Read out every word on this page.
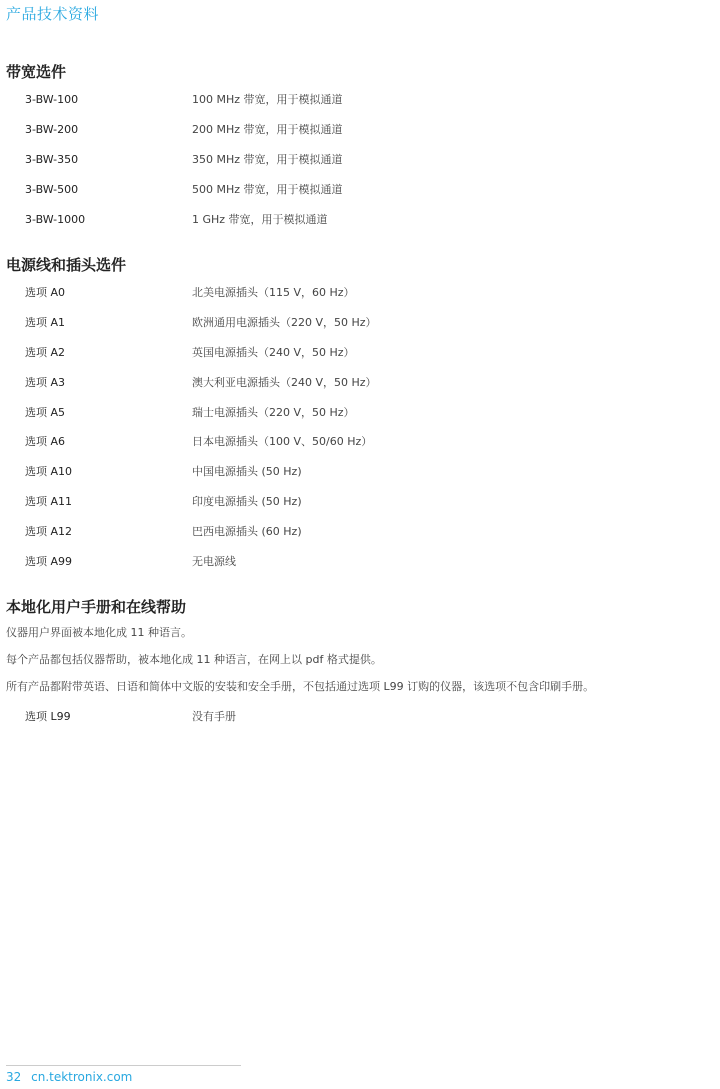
产品技术资料
带宽选件
3-BW-100	100 MHz 带宽，用于模拟通道
3-BW-200	200 MHz 带宽，用于模拟通道
3-BW-350	350 MHz 带宽，用于模拟通道
3-BW-500	500 MHz 带宽，用于模拟通道
3-BW-1000	1 GHz 带宽，用于模拟通道
电源线和插头选件
选项 A0	北美电源插头（115 V，60 Hz）
选项 A1	欧洲通用电源插头（220 V，50 Hz）
选项 A2	英国电源插头（240 V，50 Hz）
选项 A3	澳大利亚电源插头（240 V，50 Hz）
选项 A5	瑞士电源插头（220 V，50 Hz）
选项 A6	日本电源插头（100 V、50/60 Hz）
选项 A10	中国电源插头 (50 Hz)
选项 A11	印度电源插头 (50 Hz)
选项 A12	巴西电源插头 (60 Hz)
选项 A99	无电源线
本地化用户手册和在线帮助
仪器用户界面被本地化成 11 种语言。
每个产品都包括仪器帮助，被本地化成 11 种语言，在网上以 pdf 格式提供。
所有产品都附带英语、日语和简体中文版的安装和安全手册，不包括通过选项 L99 订购的仪器，该选项不包含印刷手册。
选项 L99	没有手册
32 cn.tektronix.com
